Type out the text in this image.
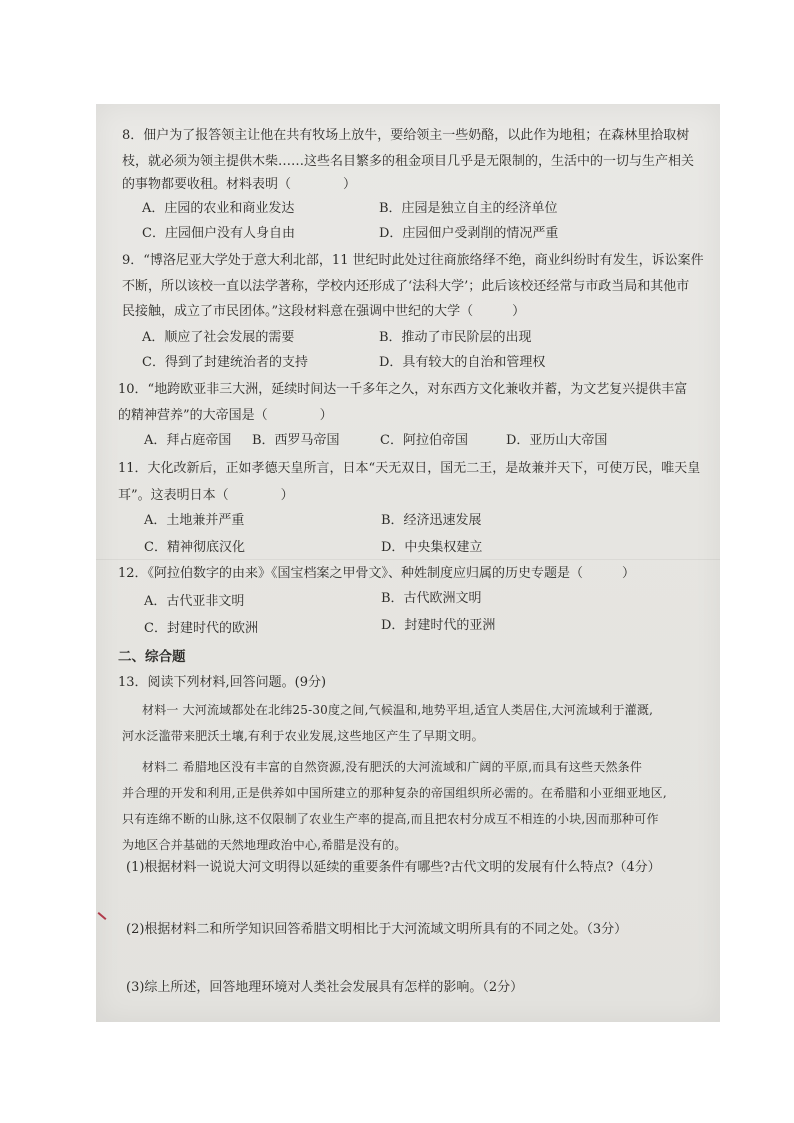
8．佃户为了报答领主让他在共有牧场上放牛，要给领主一些奶酪，以此作为地租；在森林里拾取树
枝，就必须为领主提供木柴……这些名目繁多的租金项目几乎是无限制的，生活中的一切与生产相关
的事物都要收租。材料表明（　　　　）
A．庄园的农业和商业发达	B．庄园是独立自主的经济单位
C．庄园佃户没有人身自由	D．庄园佃户受剥削的情况严重
9．“博洛尼亚大学处于意大利北部，11 世纪时此处过往商旅络绎不绝，商业纠纷时有发生，诉讼案件
不断，所以该校一直以法学著称，学校内还形成了‘法科大学’；此后该校还经常与市政当局和其他市
民接触，成立了市民团体。”这段材料意在强调中世纪的大学（　　　）
A．顺应了社会发展的需要	B．推动了市民阶层的出现
C．得到了封建统治者的支持	D．具有较大的自治和管理权
10．“地跨欧亚非三大洲，延续时间达一千多年之久，对东西方文化兼收并蓄，为文艺复兴提供丰富
的精神营养”的大帝国是（　　　　）
A．拜占庭帝国 B．西罗马帝国	C．阿拉伯帝国	D．亚历山大帝国
11．大化改新后，正如孝德天皇所言，日本“天无双日，国无二王，是故兼并天下，可使万民，唯天皇
耳”。这表明日本（　　　　）
A．土地兼并严重	B．经济迅速发展
C．精神彻底汉化	D．中央集权建立
12．《阿拉伯数字的由来》《国宝档案之甲骨文》、种姓制度应归属的历史专题是（　　　）
A．古代亚非文明	B．古代欧洲文明
C．封建时代的欧洲	D．封建时代的亚洲
二、综合题
13．阅读下列材料,回答问题。(9分)
材料一 大河流域都处在北纬25-30度之间,气候温和,地势平坦,适宜人类居住,大河流域利于灌溉,
河水泛滥带来肥沃土壤,有利于农业发展,这些地区产生了早期文明。
材料二 希腊地区没有丰富的自然资源,没有肥沃的大河流域和广阔的平原,而具有这些天然条件
并合理的开发和利用,正是供养如中国所建立的那种复杂的帝国组织所必需的。在希腊和小亚细亚地区,
只有连绵不断的山脉,这不仅限制了农业生产率的提高,而且把农村分成互不相连的小块,因而那种可作
为地区合并基础的天然地理政治中心,希腊是没有的。
(1)根据材料一说说大河文明得以延续的重要条件有哪些?古代文明的发展有什么特点?（4分）
(2)根据材料二和所学知识回答希腊文明相比于大河流域文明所具有的不同之处。（3分）
(3)综上所述，回答地理环境对人类社会发展具有怎样的影响。（2分）
